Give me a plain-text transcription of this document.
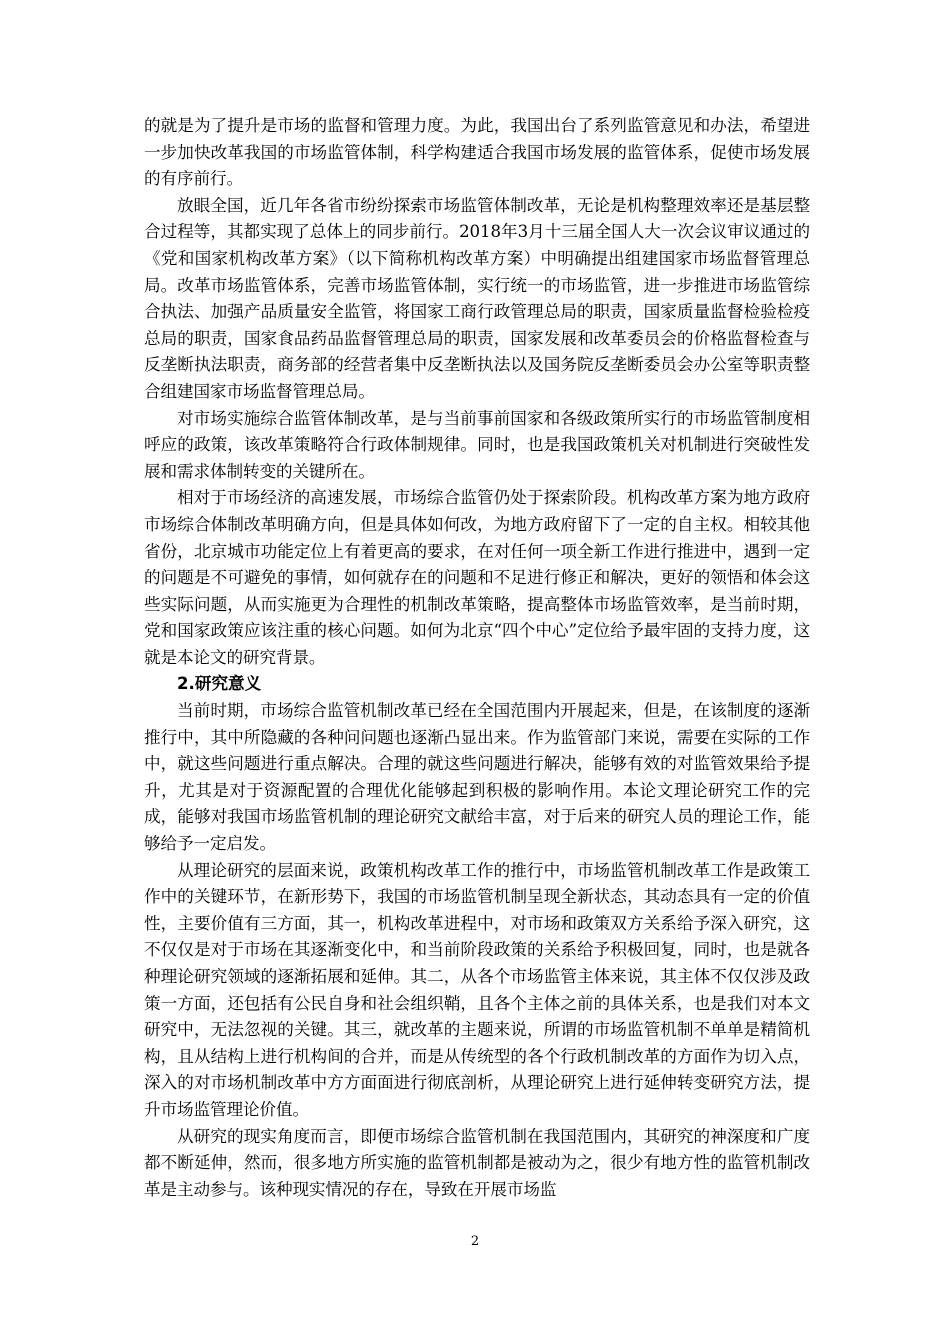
的就是为了提升是市场的监督和管理力度。为此，我国出台了系列监管意见和办法，希望进一步加快改革我国的市场监管体制，科学构建适合我国市场发展的监管体系，促使市场发展的有序前行。

放眼全国，近几年各省市纷纷探索市场监管体制改革，无论是机构整理效率还是基层整合过程等，其都实现了总体上的同步前行。2018年3月十三届全国人大一次会议审议通过的《党和国家机构改革方案》（以下简称机构改革方案）中明确提出组建国家市场监督管理总局。改革市场监管体系，完善市场监管体制，实行统一的市场监管，进一步推进市场监管综合执法、加强产品质量安全监管，将国家工商行政管理总局的职责，国家质量监督检验检疫总局的职责，国家食品药品监督管理总局的职责，国家发展和改革委员会的价格监督检查与反垄断执法职责，商务部的经营者集中反垄断执法以及国务院反垄断委员会办公室等职责整合组建国家市场监督管理总局。

对市场实施综合监管体制改革，是与当前事前国家和各级政策所实行的市场监管制度相呼应的政策，该改革策略符合行政体制规律。同时，也是我国政策机关对机制进行突破性发展和需求体制转变的关键所在。

相对于市场经济的高速发展，市场综合监管仍处于探索阶段。机构改革方案为地方政府市场综合体制改革明确方向，但是具体如何改，为地方政府留下了一定的自主权。相较其他省份，北京城市功能定位上有着更高的要求，在对任何一项全新工作进行推进中，遇到一定的问题是不可避免的事情，如何就存在的问题和不足进行修正和解决，更好的领悟和体会这些实际问题，从而实施更为合理性的机制改革策略，提高整体市场监管效率，是当前时期，党和国家政策应该注重的核心问题。如何为北京“四个中心”定位给予最牢固的支持力度，这就是本论文的研究背景。

2.研究意义

当前时期，市场综合监管机制改革已经在全国范围内开展起来，但是，在该制度的逐渐推行中，其中所隐藏的各种问问题也逐渐凸显出来。作为监管部门来说，需要在实际的工作中，就这些问题进行重点解决。合理的就这些问题进行解决，能够有效的对监管效果给予提升，尤其是对于资源配置的合理优化能够起到积极的影响作用。本论文理论研究工作的完成，能够对我国市场监管机制的理论研究文献给丰富，对于后来的研究人员的理论工作，能够给予一定启发。

从理论研究的层面来说，政策机构改革工作的推行中，市场监管机制改革工作是政策工作中的关键环节，在新形势下，我国的市场监管机制呈现全新状态，其动态具有一定的价值性，主要价值有三方面，其一，机构改革进程中，对市场和政策双方关系给予深入研究，这不仅仅是对于市场在其逐渐变化中，和当前阶段政策的关系给予积极回复，同时，也是就各种理论研究领域的逐渐拓展和延伸。其二，从各个市场监管主体来说，其主体不仅仅涉及政策一方面，还包括有公民自身和社会组织鞘，且各个主体之前的具体关系，也是我们对本文研究中，无法忽视的关键。其三，就改革的主题来说，所谓的市场监管机制不单单是精简机构，且从结构上进行机构间的合并，而是从传统型的各个行政机制改革的方面作为切入点，深入的对市场机制改革中方方面面进行彻底剖析，从理论研究上进行延伸转变研究方法，提升市场监管理论价值。

从研究的现实角度而言，即便市场综合监管机制在我国范围内，其研究的神深度和广度都不断延伸，然而，很多地方所实施的监管机制都是被动为之，很少有地方性的监管机制改革是主动参与。该种现实情况的存在，导致在开展市场监

2
